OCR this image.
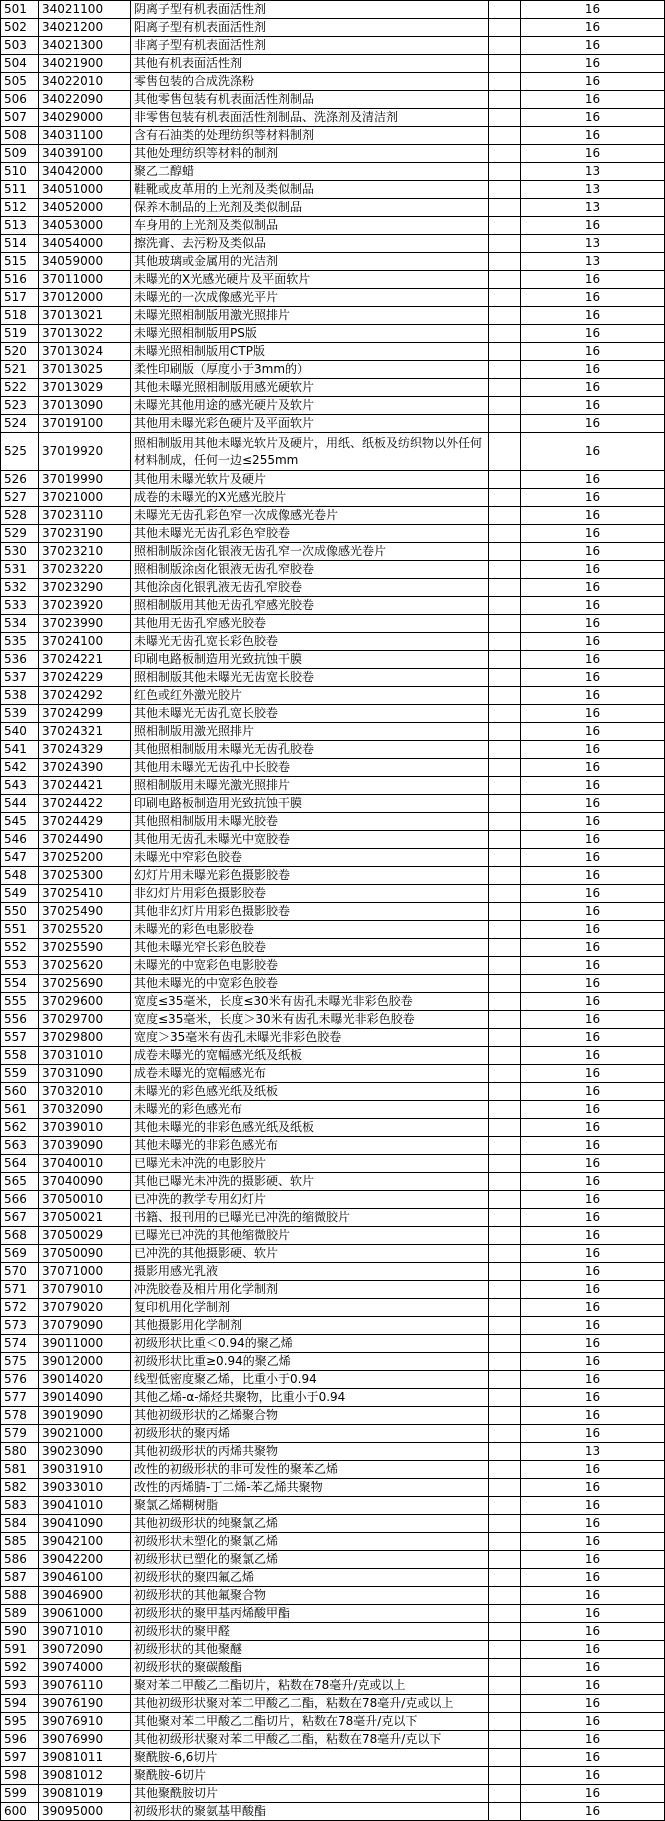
501	34021100	阴离子型有机表面活性剂		16
502	34021200	阳离子型有机表面活性剂		16
503	34021300	非离子型有机表面活性剂		16
504	34021900	其他有机表面活性剂		16
505	34022010	零售包装的合成洗涤粉		16
506	34022090	其他零售包装有机表面活性剂制品		16
507	34029000	非零售包装有机表面活性剂制品、洗涤剂及清洁剂		16
508	34031100	含有石油类的处理纺织等材料制剂		16
509	34039100	其他处理纺织等材料的制剂		16
510	34042000	聚乙二醇蜡		13
511	34051000	鞋靴或皮革用的上光剂及类似制品		13
512	34052000	保养木制品的上光剂及类似制品		13
513	34053000	车身用的上光剂及类似制品		16
514	34054000	擦洗膏、去污粉及类似品		13
515	34059000	其他玻璃或金属用的光洁剂		13
516	37011000	未曝光的X光感光硬片及平面软片		16
517	37012000	未曝光的一次成像感光平片		16
518	37013021	未曝光照相制版用激光照排片		16
519	37013022	未曝光照相制版用PS版		16
520	37013024	未曝光照相制版用CTP版		16
521	37013025	柔性印刷版（厚度小于3mm的）		16
522	37013029	其他未曝光照相制版用感光硬软片		16
523	37013090	未曝光其他用途的感光硬片及软片		16
524	37019100	其他用未曝光彩色硬片及平面软片		16
525	37019920	照相制版用其他未曝光软片及硬片，用纸、纸板及纺织物以外任何材料制成，任何一边≤255mm		16
526	37019990	其他用未曝光软片及硬片		16
527	37021000	成卷的未曝光的X光感光胶片		16
528	37023110	未曝光无齿孔彩色窄一次成像感光卷片		16
529	37023190	其他未曝光无齿孔彩色窄胶卷		16
530	37023210	照相制版涂卤化银液无齿孔窄一次成像感光卷片		16
531	37023220	照相制版涂卤化银液无齿孔窄胶卷		16
532	37023290	其他涂卤化银乳液无齿孔窄胶卷		16
533	37023920	照相制版用其他无齿孔窄感光胶卷		16
534	37023990	其他用无齿孔窄感光胶卷		16
535	37024100	未曝光无齿孔宽长彩色胶卷		16
536	37024221	印刷电路板制造用光致抗蚀干膜		16
537	37024229	照相制版其他未曝光无齿宽长胶卷		16
538	37024292	红色或红外激光胶片		16
539	37024299	其他未曝光无齿孔宽长胶卷		16
540	37024321	照相制版用激光照排片		16
541	37024329	其他照相制版用未曝光无齿孔胶卷		16
542	37024390	其他用未曝光无齿孔中长胶卷		16
543	37024421	照相制版用未曝光激光照排片		16
544	37024422	印刷电路板制造用光致抗蚀干膜		16
545	37024429	其他照相制版用未曝光胶卷		16
546	37024490	其他用无齿孔未曝光中宽胶卷		16
547	37025200	未曝光中窄彩色胶卷		16
548	37025300	幻灯片用未曝光彩色摄影胶卷		16
549	37025410	非幻灯片用彩色摄影胶卷		16
550	37025490	其他非幻灯片用彩色摄影胶卷		16
551	37025520	未曝光的彩色电影胶卷		16
552	37025590	其他未曝光窄长彩色胶卷		16
553	37025620	未曝光的中宽彩色电影胶卷		16
554	37025690	其他未曝光的中宽彩色胶卷		16
555	37029600	宽度≤35毫米，长度≤30米有齿孔未曝光非彩色胶卷		16
556	37029700	宽度≤35毫米，长度＞30米有齿孔未曝光非彩色胶卷		16
557	37029800	宽度＞35毫米有齿孔未曝光非彩色胶卷		16
558	37031010	成卷未曝光的宽幅感光纸及纸板		16
559	37031090	成卷未曝光的宽幅感光布		16
560	37032010	未曝光的彩色感光纸及纸板		16
561	37032090	未曝光的彩色感光布		16
562	37039010	其他未曝光的非彩色感光纸及纸板		16
563	37039090	其他未曝光的非彩色感光布		16
564	37040010	已曝光未冲洗的电影胶片		16
565	37040090	其他已曝光未冲洗的摄影硬、软片		16
566	37050010	已冲洗的教学专用幻灯片		16
567	37050021	书籍、报刊用的已曝光已冲洗的缩微胶片		16
568	37050029	已曝光已冲洗的其他缩微胶片		16
569	37050090	已冲洗的其他摄影硬、软片		16
570	37071000	摄影用感光乳液		16
571	37079010	冲洗胶卷及相片用化学制剂		16
572	37079020	复印机用化学制剂		16
573	37079090	其他摄影用化学制剂		16
574	39011000	初级形状比重＜0.94的聚乙烯		16
575	39012000	初级形状比重≥0.94的聚乙烯		16
576	39014020	线型低密度聚乙烯，比重小于0.94		16
577	39014090	其他乙烯-α-烯烃共聚物，比重小于0.94		16
578	39019090	其他初级形状的乙烯聚合物		16
579	39021000	初级形状的聚丙烯		16
580	39023090	其他初级形状的丙烯共聚物		13
581	39031910	改性的初级形状的非可发性的聚苯乙烯		16
582	39033010	改性的丙烯腈-丁二烯-苯乙烯共聚物		16
583	39041010	聚氯乙烯糊树脂		16
584	39041090	其他初级形状的纯聚氯乙烯		16
585	39042100	初级形状未塑化的聚氯乙烯		16
586	39042200	初级形状已塑化的聚氯乙烯		16
587	39046100	初级形状的聚四氟乙烯		16
588	39046900	初级形状的其他氟聚合物		16
589	39061000	初级形状的聚甲基丙烯酸甲酯		16
590	39071010	初级形状的聚甲醛		16
591	39072090	初级形状的其他聚醚		16
592	39074000	初级形状的聚碳酸酯		16
593	39076110	聚对苯二甲酸乙二酯切片，粘数在78毫升/克或以上		16
594	39076190	其他初级形状聚对苯二甲酸乙二酯，粘数在78毫升/克或以上		16
595	39076910	其他聚对苯二甲酸乙二酯切片，粘数在78毫升/克以下		16
596	39076990	其他初级形状聚对苯二甲酸乙二酯，粘数在78毫升/克以下		16
597	39081011	聚酰胺-6,6切片		16
598	39081012	聚酰胺-6切片		16
599	39081019	其他聚酰胺切片		16
600	39095000	初级形状的聚氨基甲酸酯		16
